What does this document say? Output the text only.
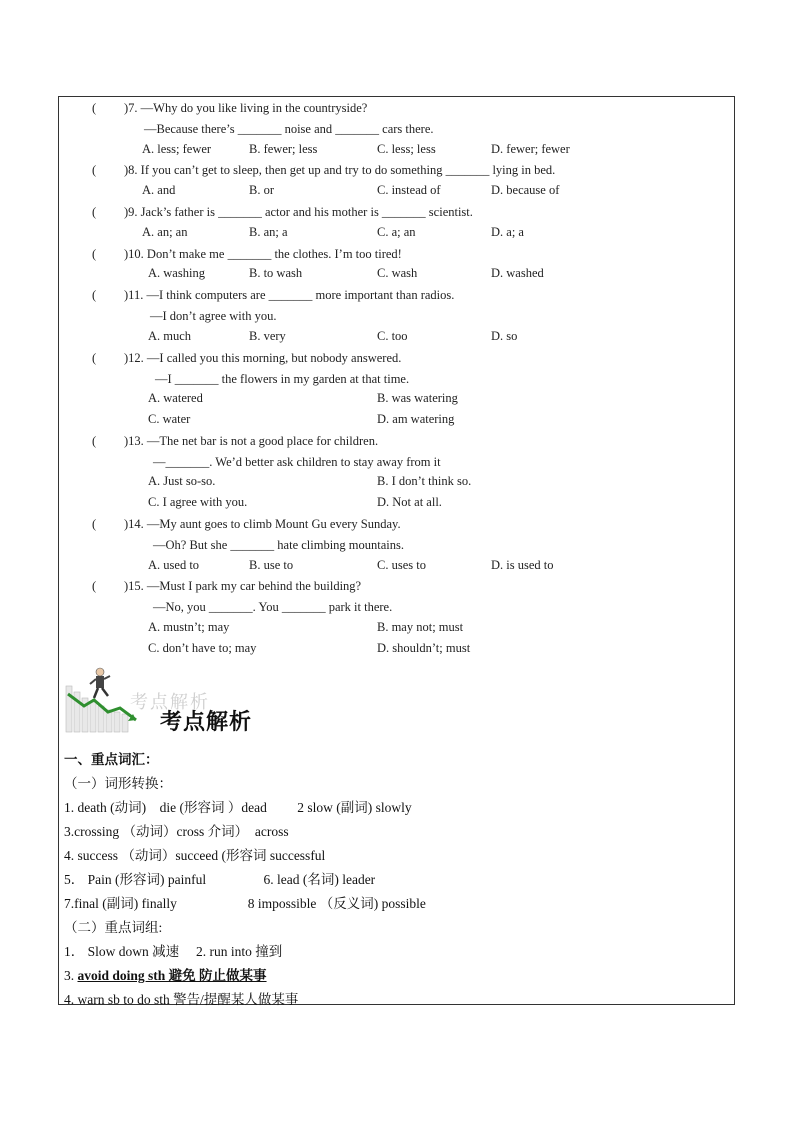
( )7. —Why do you like living in the countryside?
—Because there’s _______ noise and _______ cars there.
A. less; fewer	B. fewer; less	C. less; less	D. fewer; fewer
( )8. If you can’t get to sleep, then get up and try to do something _______ lying in bed.
A. and	B. or	C. instead of	D. because of
( )9. Jack’s father is _______ actor and his mother is _______ scientist.
A. an; an	B. an; a	C. a; an	D. a; a
( )10. Don’t make me _______ the clothes. I’m too tired!
A. washing	B. to wash	C. wash	D. washed
( )11. —I think computers are _______ more important than radios.
—I don’t agree with you.
A. much	B. very	C. too	D. so
( )12. —I called you this morning, but nobody answered.
—I _______ the flowers in my garden at that time.
A. watered	B. was watering
C. water	D. am watering
( )13. —The net bar is not a good place for children.
—_______. We’d better ask children to stay away from it
A. Just so-so.	B. I don’t think so.
C. I agree with you.	D. Not at all.
( )14. —My aunt goes to climb Mount Gu every Sunday.
—Oh? But she _______ hate climbing mountains.
A. used to	B. use to	C. uses to	D. is used to
( )15. —Must I park my car behind the building?
—No, you _______. You _______ park it there.
A. mustn’t; may	B. may not; must
C. don’t have to; may	D. shouldn’t; must
考点解析
考点解析
一、重点词汇：
（一）词形转换：
1. death (动词)　die (形容词 ）dead　　 2 slow (副词) slowly
3.crossing （动词）cross 介词）　across
4. success （动词）succeed (形容词 successful
5． Pain (形容词) painful　　　　 6. lead (名词) leader
7.final (副词) finally　　　　　 8 impossible （反义词) possible
（二）重点词组:
1． Slow down 减速　 2. run into 撞到
3. avoid doing sth 避免 防止做某事
4. warn sb to do sth 警告/提醒某人做某事
